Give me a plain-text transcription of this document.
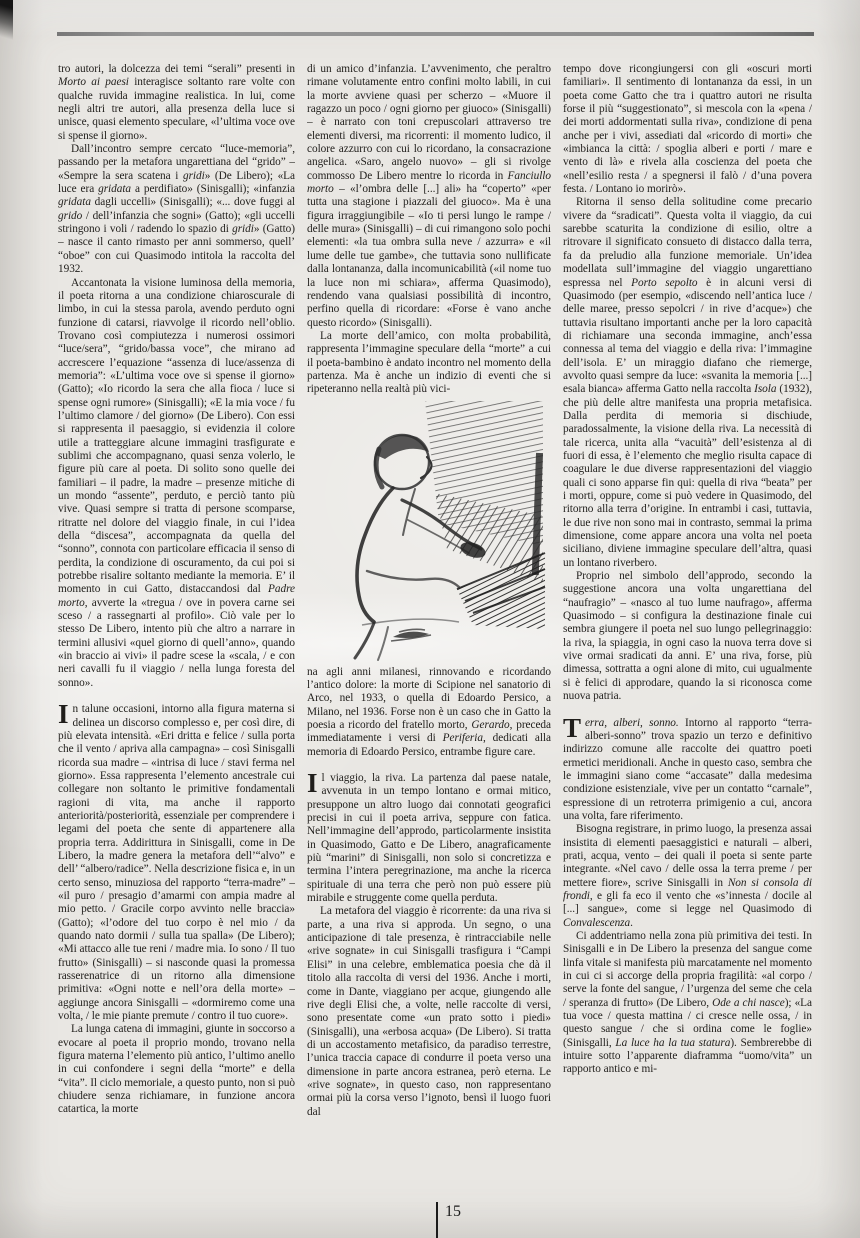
tro autori, la dolcezza dei temi “serali” presenti in Morto ai paesi interagisce soltanto rare volte con qualche ruvida immagine realistica. In lui, come negli altri tre autori, alla presenza della luce si unisce, quasi elemento speculare, «l’ultima voce ove si spense il giorno».

Dall’incontro sempre cercato “luce-memoria”, passando per la metafora ungarettiana del “grido” – «Sempre la sera scatena i gridi» (De Libero); «La luce era gridata a perdifiato» (Sinisgalli); «infanzia gridata dagli uccelli» (Sinisgalli); «... dove fuggi al grido / dell’infanzia che sogni» (Gatto); «gli uccelli stringono i voli / radendo lo spazio di gridi» (Gatto) – nasce il canto rimasto per anni sommerso, quell’ “oboe” con cui Quasimodo intitola la raccolta del 1932.

Accantonata la visione luminosa della memoria, il poeta ritorna a una condizione chiaroscurale di limbo, in cui la stessa parola, avendo perduto ogni funzione di catarsi, riavvolge il ricordo nell’oblio. Trovano così compiutezza i numerosi ossimori “luce/sera”, “grido/bassa voce”, che mirano ad accrescere l’equazione “assenza di luce/assenza di memoria”: «L’ultima voce ove si spense il giorno» (Gatto); «Io ricordo la sera che alla fioca / luce si spense ogni rumore» (Sinisgalli); «E la mia voce / fu l’ultimo clamore / del giorno» (De Libero). Con essi si rappresenta il paesaggio, si evidenzia il colore utile a tratteggiare alcune immagini trasfigurate e sublimi che accompagnano, quasi senza volerlo, le figure più care al poeta. Di solito sono quelle dei familiari – il padre, la madre – presenze mitiche di un mondo “assente”, perduto, e perciò tanto più vive. Quasi sempre si tratta di persone scomparse, ritratte nel dolore del viaggio finale, in cui l’idea della “discesa”, accompagnata da quella del “sonno”, connota con particolare efficacia il senso di perdita, la condizione di oscuramento, da cui poi si potrebbe risalire soltanto mediante la memoria. E’ il momento in cui Gatto, distaccandosi dal Padre morto, avverte la «tregua / ove in povera carne sei sceso / a rassegnarti al profilo». Ciò vale per lo stesso De Libero, intento più che altro a narrare in termini allusivi «quel giorno di quell’anno», quando «in braccio ai vivi» il padre scese la «scala, / e con neri cavalli fu il viaggio / nella lunga foresta del sonno».

In talune occasioni, intorno alla figura materna si delinea un discorso complesso e, per così dire, di più elevata intensità. «Eri dritta e felice / sulla porta che il vento / apriva alla campagna» – così Sinisgalli ricorda sua madre – «intrisa di luce / stavi ferma nel giorno». Essa rappresenta l’elemento ancestrale cui collegare non soltanto le primitive fondamentali ragioni di vita, ma anche il rapporto anteriorità/posteriorità, essenziale per comprendere i legami del poeta che sente di appartenere alla propria terra. Addirittura in Sinisgalli, come in De Libero, la madre genera la metafora dell’“alvo” e dell’ “albero/radice”. Nella descrizione fisica e, in un certo senso, minuziosa del rapporto “terra-madre” – «il puro / presagio d’amarmi con ampia madre al mio petto. / Gracile corpo avvinto nelle braccia» (Gatto); «l’odore del tuo corpo è nel mio / da quando nato dormii / sulla tua spalla» (De Libero); «Mi attacco alle tue reni / madre mia. Io sono / Il tuo frutto» (Sinisgalli) – si nasconde quasi la promessa rasserenatrice di un ritorno alla dimensione primitiva: «Ogni notte e nell’ora della morte» – aggiunge ancora Sinisgalli – «dormiremo come una volta, / le mie piante premute / contro il tuo cuore».

La lunga catena di immagini, giunte in soccorso a evocare al poeta il proprio mondo, trovano nella figura materna l’elemento più antico, l’ultimo anello in cui confondere i segni della “morte” e della “vita”. Il ciclo memoriale, a questo punto, non si può chiudere senza richiamare, in funzione ancora catartica, la morte

di un amico d’infanzia. L’avvenimento, che peraltro rimane volutamente entro confini molto labili, in cui la morte avviene quasi per scherzo – «Muore il ragazzo un poco / ogni giorno per giuoco» (Sinisgalli) – è narrato con toni crepuscolari attraverso tre elementi diversi, ma ricorrenti: il momento ludico, il colore azzurro con cui lo ricordano, la consacrazione angelica. «Saro, angelo nuovo» – gli si rivolge commosso De Libero mentre lo ricorda in Fanciullo morto – «l’ombra delle [...] ali» ha “coperto” «per tutta una stagione i piazzali del giuoco». Ma è una figura irraggiungibile – «Io ti persi lungo le rampe / delle mura» (Sinisgalli) – di cui rimangono solo pochi elementi: «la tua ombra sulla neve / azzurra» e «il lume delle tue gambe», che tuttavia sono nullificate dalla lontananza, dalla incomunicabilità («il nome tuo la luce non mi schiara», afferma Quasimodo), rendendo vana qualsiasi possibilità di incontro, perfino quella di ricordare: «Forse è vano anche questo ricordo» (Sinisgalli).

La morte dell’amico, con molta probabilità, rappresenta l’immagine speculare della “morte” a cui il poeta-bambino è andato incontro nel momento della partenza. Ma è anche un indizio di eventi che si ripeteranno nella realtà più vici-

na agli anni milanesi, rinnovando e ricordando l’antico dolore: la morte di Scipione nel sanatorio di Arco, nel 1933, o quella di Edoardo Persico, a Milano, nel 1936. Forse non è un caso che in Gatto la poesia a ricordo del fratello morto, Gerardo, preceda immediatamente i versi di Periferia, dedicati alla memoria di Edoardo Persico, entrambe figure care.

Il viaggio, la riva. La partenza dal paese natale, avvenuta in un tempo lontano e ormai mitico, presuppone un altro luogo dai connotati geografici precisi in cui il poeta arriva, seppure con fatica. Nell’immagine dell’approdo, particolarmente insistita in Quasimodo, Gatto e De Libero, anagraficamente più “marini” di Sinisgalli, non solo si concretizza e termina l’intera peregrinazione, ma anche la ricerca spirituale di una terra che però non può essere più mirabile e struggente come quella perduta.

La metafora del viaggio è ricorrente: da una riva si parte, a una riva si approda. Un segno, o una anticipazione di tale presenza, è rintracciabile nelle «rive sognate» in cui Sinisgalli trasfigura i “Campi Elisi” in una celebre, emblematica poesia che dà il titolo alla raccolta di versi del 1936. Anche i morti, come in Dante, viaggiano per acque, giungendo alle rive degli Elisi che, a volte, nelle raccolte di versi, sono presentate come «un prato sotto i piedi» (Sinisgalli), una «erbosa acqua» (De Libero). Si tratta di un accostamento metafisico, da paradiso terrestre, l’unica traccia capace di condurre il poeta verso una dimensione in parte ancora estranea, però eterna. Le «rive sognate», in questo caso, non rappresentano ormai più la corsa verso l’ignoto, bensì il luogo fuori dal

tempo dove ricongiungersi con gli «oscuri morti familiari». Il sentimento di lontananza da essi, in un poeta come Gatto che tra i quattro autori ne risulta forse il più “suggestionato”, si mescola con la «pena / dei morti addormentati sulla riva», condizione di pena anche per i vivi, assediati dal «ricordo di morti» che «imbianca la città: / spoglia alberi e porti / mare e vento di là» e rivela alla coscienza del poeta che «nell’esilio resta / a spegnersi il falò / d’una povera festa. / Lontano io morirò».

Ritorna il senso della solitudine come precario vivere da “sradicati”. Questa volta il viaggio, da cui sarebbe scaturita la condizione di esilio, oltre a ritrovare il significato consueto di distacco dalla terra, fa da preludio alla funzione memoriale. Un’idea modellata sull’immagine del viaggio ungarettiano espressa nel Porto sepolto è in alcuni versi di Quasimodo (per esempio, «discendo nell’antica luce / delle maree, presso sepolcri / in rive d’acque») che tuttavia risultano importanti anche per la loro capacità di richiamare una seconda immagine, anch’essa connessa al tema del viaggio e della riva: l’immagine dell’isola. E’ un miraggio diafano che riemerge, avvolto quasi sempre da luce: «svanita la memoria [...] esala bianca» afferma Gatto nella raccolta Isola (1932), che più delle altre manifesta una propria metafisica. Dalla perdita di memoria si dischiude, paradossalmente, la visione della riva. La necessità di tale ricerca, unita alla “vacuità” dell’esistenza al di fuori di essa, è l’elemento che meglio risulta capace di coagulare le due diverse rappresentazioni del viaggio quali ci sono apparse fin qui: quella di riva “beata” per i morti, oppure, come si può vedere in Quasimodo, del ritorno alla terra d’origine. In entrambi i casi, tuttavia, le due rive non sono mai in contrasto, semmai la prima dimensione, come appare ancora una volta nel poeta siciliano, diviene immagine speculare dell’altra, quasi un lontano riverbero.

Proprio nel simbolo dell’approdo, secondo la suggestione ancora una volta ungarettiana del “naufragio” – «nasco al tuo lume naufrago», afferma Quasimodo – si configura la destinazione finale cui sembra giungere il poeta nel suo lungo pellegrinaggio: la riva, la spiaggia, in ogni caso la nuova terra dove si vive ormai sradicati da anni. E’ una riva, forse, più dimessa, sottratta a ogni alone di mito, cui ugualmente si è felici di approdare, quando la si riconosca come nuova patria.

T erra, alberi, sonno. Intorno al rapporto “terra-alberi-sonno” trova spazio un terzo e definitivo indirizzo comune alle raccolte dei quattro poeti ermetici meridionali. Anche in questo caso, sembra che le immagini siano come “accasate” dalla medesima condizione esistenziale, vive per un contatto “carnale”, espressione di un retroterra primigenio a cui, ancora una volta, fare riferimento.

Bisogna registrare, in primo luogo, la presenza assai insistita di elementi paesaggistici e naturali – alberi, prati, acqua, vento – dei quali il poeta si sente parte integrante. «Nel cavo / delle ossa la terra preme / per mettere fiore», scrive Sinisgalli in Non si consola di frondi, e gli fa eco il vento che «s’innesta / docile al [...] sangue», come si legge nel Quasimodo di Convalescenza.

Ci addentriamo nella zona più primitiva dei testi. In Sinisgalli e in De Libero la presenza del sangue come linfa vitale si manifesta più marcatamente nel momento in cui ci si accorge della propria fragilità: «al corpo / serve la fonte del sangue, / l’urgenza del seme che cela / speranza di frutto» (De Libero, Ode a chi nasce); «La tua voce / questa mattina / ci cresce nelle ossa, / in questo sangue / che si ordina come le foglie» (Sinisgalli, La luce ha la tua statura). Sembrerebbe di intuire sotto l’apparente diaframma “uomo/vita” un rapporto antico e mi-

15
